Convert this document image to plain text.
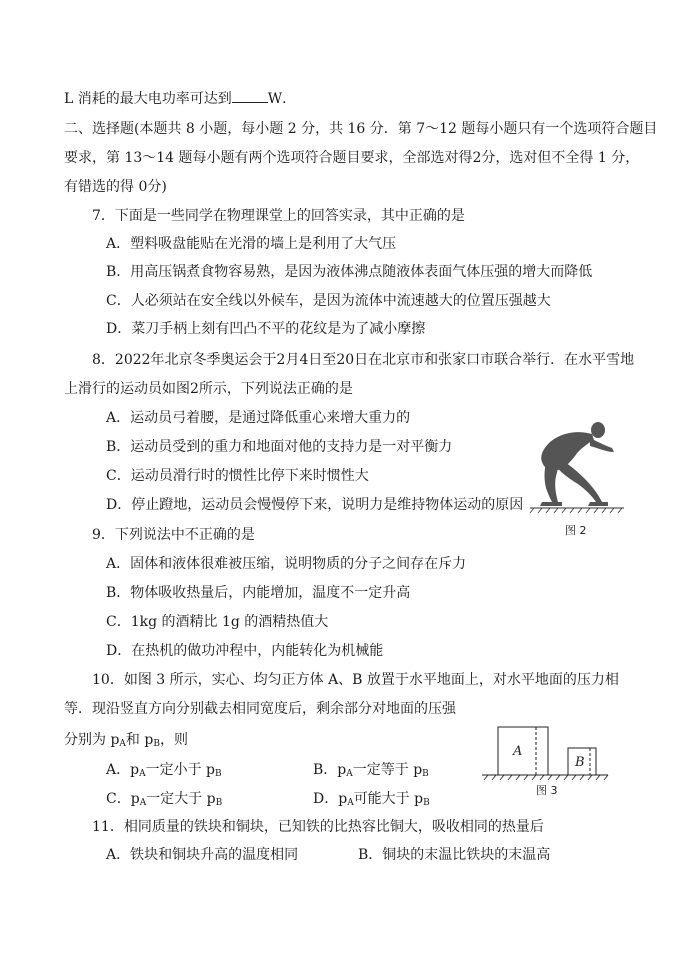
L 消耗的最大电功率可达到	W．
二、选择题(本题共 8 小题，每小题 2 分，共 16 分．第 7～12 题每小题只有一个选项符合题目
要求，第 13～14 题每小题有两个选项符合题目要求，全部选对得2分，选对但不全得 1 分，
有错选的得 0分)
7．下面是一些同学在物理课堂上的回答实录，其中正确的是
A．塑料吸盘能贴在光滑的墙上是利用了大气压
B．用高压锅煮食物容易熟，是因为液体沸点随液体表面气体压强的增大而降低
C．人必须站在安全线以外候车，是因为流体中流速越大的位置压强越大
D．菜刀手柄上刻有凹凸不平的花纹是为了减小摩擦
8．2022年北京冬季奥运会于2月4日至20日在北京市和张家口市联合举行．在水平雪地
上滑行的运动员如图2所示，下列说法正确的是
A．运动员弓着腰，是通过降低重心来增大重力的
B．运动员受到的重力和地面对他的支持力是一对平衡力
C．运动员滑行时的惯性比停下来时惯性大
D．停止蹬地，运动员会慢慢停下来，说明力是维持物体运动的原因
图 2
9．下列说法中不正确的是
A．固体和液体很难被压缩，说明物质的分子之间存在斥力
B．物体吸收热量后，内能增加，温度不一定升高
C．1kg 的酒精比 1g 的酒精热值大
D．在热机的做功冲程中，内能转化为机械能
10．如图 3 所示，实心、均匀正方体 A、B 放置于水平地面上，对水平地面的压力相
等．现沿竖直方向分别截去相同宽度后，剩余部分对地面的压强
分别为 $p_A$和 $p_B$，则
A．$p_A$一定小于 $p_B$	B．$p_A$一定等于 $p_B$
C．$p_A$一定大于 $p_B$	D．$p_A$可能大于 $p_B$
A
B
图 3
11．相同质量的铁块和铜块，已知铁的比热容比铜大，吸收相同的热量后
A．铁块和铜块升高的温度相同	B．铜块的末温比铁块的末温高
